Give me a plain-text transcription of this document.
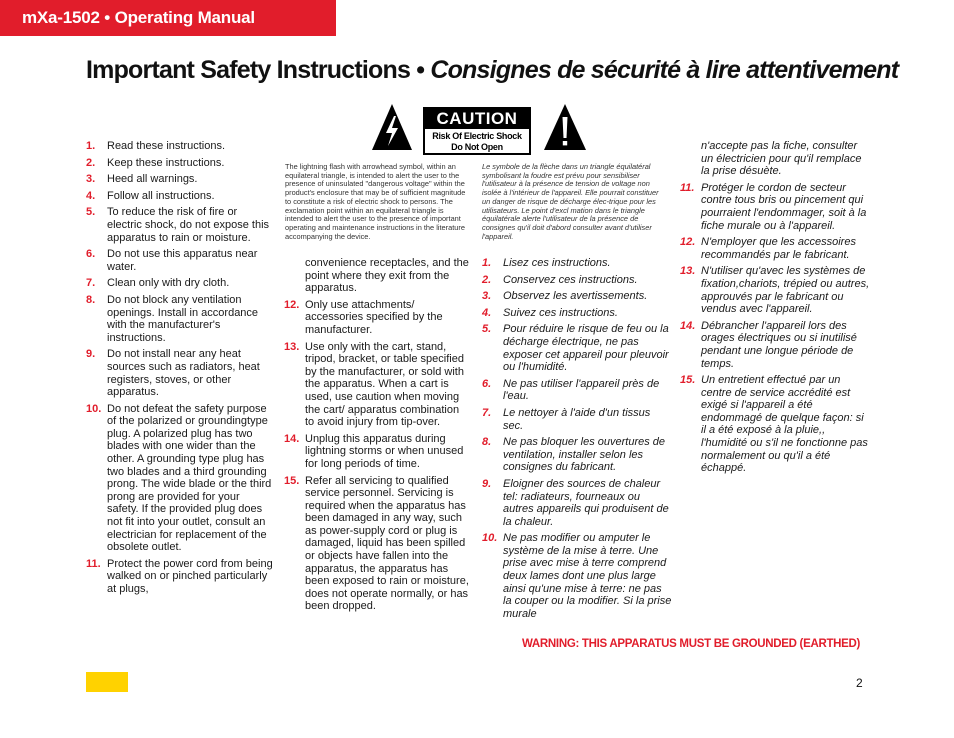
mXa-1502 • Operating Manual
Important Safety Instructions • Consignes de sécurité à lire attentivement
CAUTION
Risk Of Electric Shock
Do Not Open
The lightning flash with arrowhead symbol, within an equilateral triangle, is intended to alert the user to the presence of uninsulated "dangerous voltage" within the product's enclosure that may be of sufficient magnitude to constitute a risk of electric shock to persons. The exclamation point within an equilateral triangle is intended to alert the user to the presence of important operating and maintenance instructions in the literature accompanying the device.
Le symbole de la flèche dans un triangle équilatéral symbolisant la foudre est prévu pour sensibiliser l'utilisateur à la présence de tension de voltage non isolée à l'intérieur de l'appareil. Elle pourrait constituer un danger de risque de décharge élec-trique pour les utilisateurs. Le point d'excl mation dans le triangle équilatérale alerte l'utilisateur de la présence de consignes qu'il doit d'abord consulter avant d'utiliser l'appareil.
1. Read these instructions.
2. Keep these instructions.
3. Heed all warnings.
4. Follow all instructions.
5. To reduce the risk of fire or electric shock, do not expose this apparatus to rain or moisture.
6. Do not use this apparatus near water.
7. Clean only with dry cloth.
8. Do not block any ventilation openings. Install in accordance with the manufacturer's instructions.
9. Do not install near any heat sources such as radiators, heat registers, stoves, or other apparatus.
10. Do not defeat the safety purpose of the polarized or groundingtype plug. A polarized plug has two blades with one wider than the other. A grounding type plug has two blades and a third grounding prong. The wide blade or the third prong are provided for your safety. If the provided plug does not fit into your outlet, consult an electrician for replacement of the obsolete outlet.
11. Protect the power cord from being walked on or pinched particularly at plugs,

convenience receptacles, and the point where they exit from the apparatus.

12. Only use attachments/ accessories specified by the manufacturer.
13. Use only with the cart, stand, tripod, bracket, or table specified by the manufacturer, or sold with the apparatus. When a cart is used, use caution when moving the cart/ apparatus combination to avoid injury from tip-over.
14. Unplug this apparatus during lightning storms or when unused for long periods of time.
15. Refer all servicing to qualified service personnel. Servicing is required when the apparatus has been damaged in any way, such as power-supply cord or plug is damaged, liquid has been spilled or objects have fallen into the apparatus, the apparatus has been exposed to rain or moisture, does not operate normally, or has been dropped.
1. Lisez ces instructions.
2. Conservez ces instructions.
3. Observez les avertissements.
4. Suivez ces instructions.
5. Pour réduire le risque de feu ou la décharge électrique, ne pas exposer cet appareil pour pleuvoir ou l'humidité.
6. Ne pas utiliser l'appareil près de l'eau.
7. Le nettoyer à l'aide d'un tissus sec.
8. Ne pas bloquer les ouvertures de ventilation, installer selon les consignes du fabricant.
9. Eloigner des sources de chaleur tel: radiateurs, fourneaux ou autres appareils qui produisent de la chaleur.
10. Ne pas modifier ou amputer le système de la mise à terre. Une prise avec mise à terre comprend deux lames dont une plus large ainsi qu'une mise à terre: ne pas la couper ou la modifier. Si la prise murale

n'accepte pas la fiche, consulter un électricien pour qu'il remplace la prise désuète.

11. Protéger le cordon de secteur contre tous bris ou pincement qui pourraient l'endommager, soit à la fiche murale ou à l'appareil.
12. N'employer que les accessoires recommandés par le fabricant.
13. N'utiliser qu'avec les systèmes de fixation,chariots, trépied ou autres, approuvés par le fabricant ou vendus avec l'appareil.
14. Débrancher l'appareil lors des orages électriques ou si inutilisé pendant une longue période de temps.
15. Un entretient effectué par un centre de service accrédité est exigé si l'appareil a été endommagé de quelque façon: si il a été exposé à la pluie,, l'humidité ou s'il ne fonctionne pas normalement ou qu'il a été échappé.

WARNING: THIS APPARATUS MUST BE GROUNDED (EARTHED)

2
